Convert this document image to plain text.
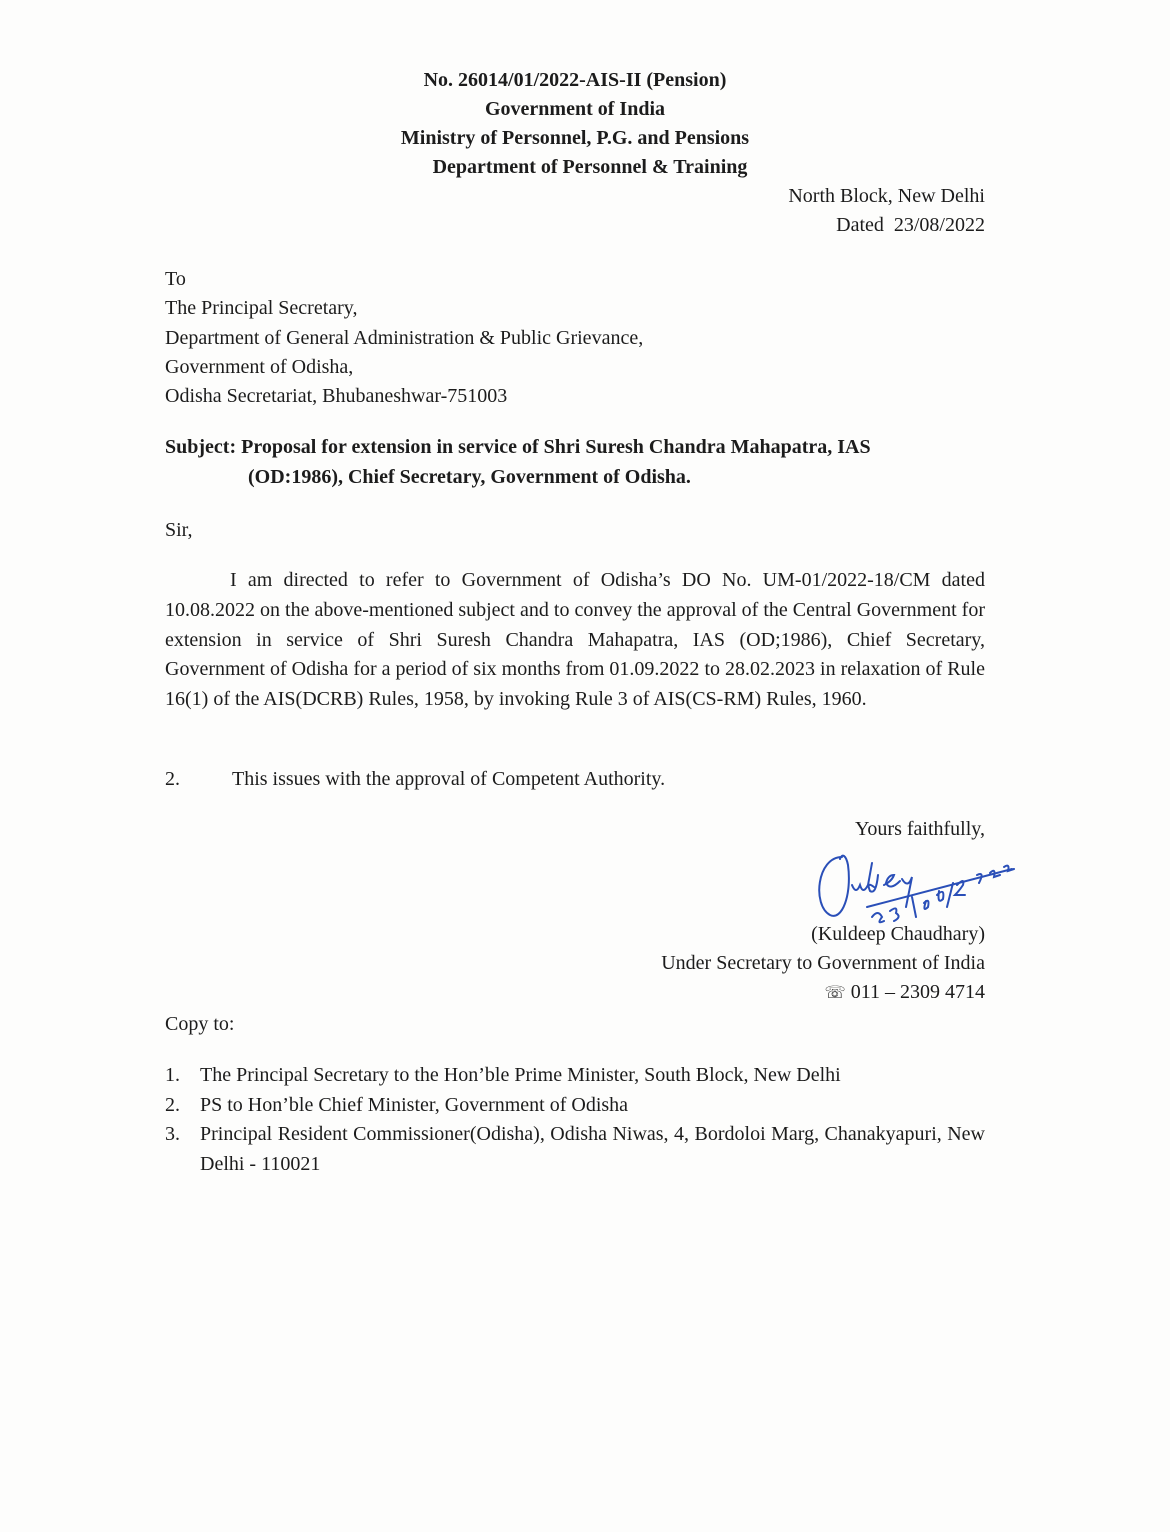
No. 26014/01/2022-AIS-II (Pension)
Government of India
Ministry of Personnel, P.G. and Pensions
Department of Personnel & Training
North Block, New Delhi
Dated  23/08/2022
To
The Principal Secretary,
Department of General Administration & Public Grievance,
Government of Odisha,
Odisha Secretariat, Bhubaneshwar-751003
Subject: Proposal for extension in service of Shri Suresh Chandra Mahapatra, IAS
(OD:1986), Chief Secretary, Government of Odisha.
Sir,
I am directed to refer to Government of Odisha’s DO No. UM-01/2022-18/CM dated 10.08.2022 on the above-mentioned subject and to convey the approval of the Central Government for extension in service of Shri Suresh Chandra Mahapatra, IAS (OD;1986), Chief Secretary, Government of Odisha for a period of six months from 01.09.2022 to 28.02.2023 in relaxation of Rule 16(1) of the AIS(DCRB) Rules, 1958, by invoking Rule 3 of AIS(CS-RM) Rules, 1960.
2.	This issues with the approval of Competent Authority.
Yours faithfully,
(Kuldeep Chaudhary)
Under Secretary to Government of India
☏ 011 – 2309 4714
Copy to:
1. The Principal Secretary to the Hon’ble Prime Minister, South Block, New Delhi
2. PS to Hon’ble Chief Minister, Government of Odisha
3. Principal Resident Commissioner(Odisha), Odisha Niwas, 4, Bordoloi Marg, Chanakyapuri, New Delhi - 110021
